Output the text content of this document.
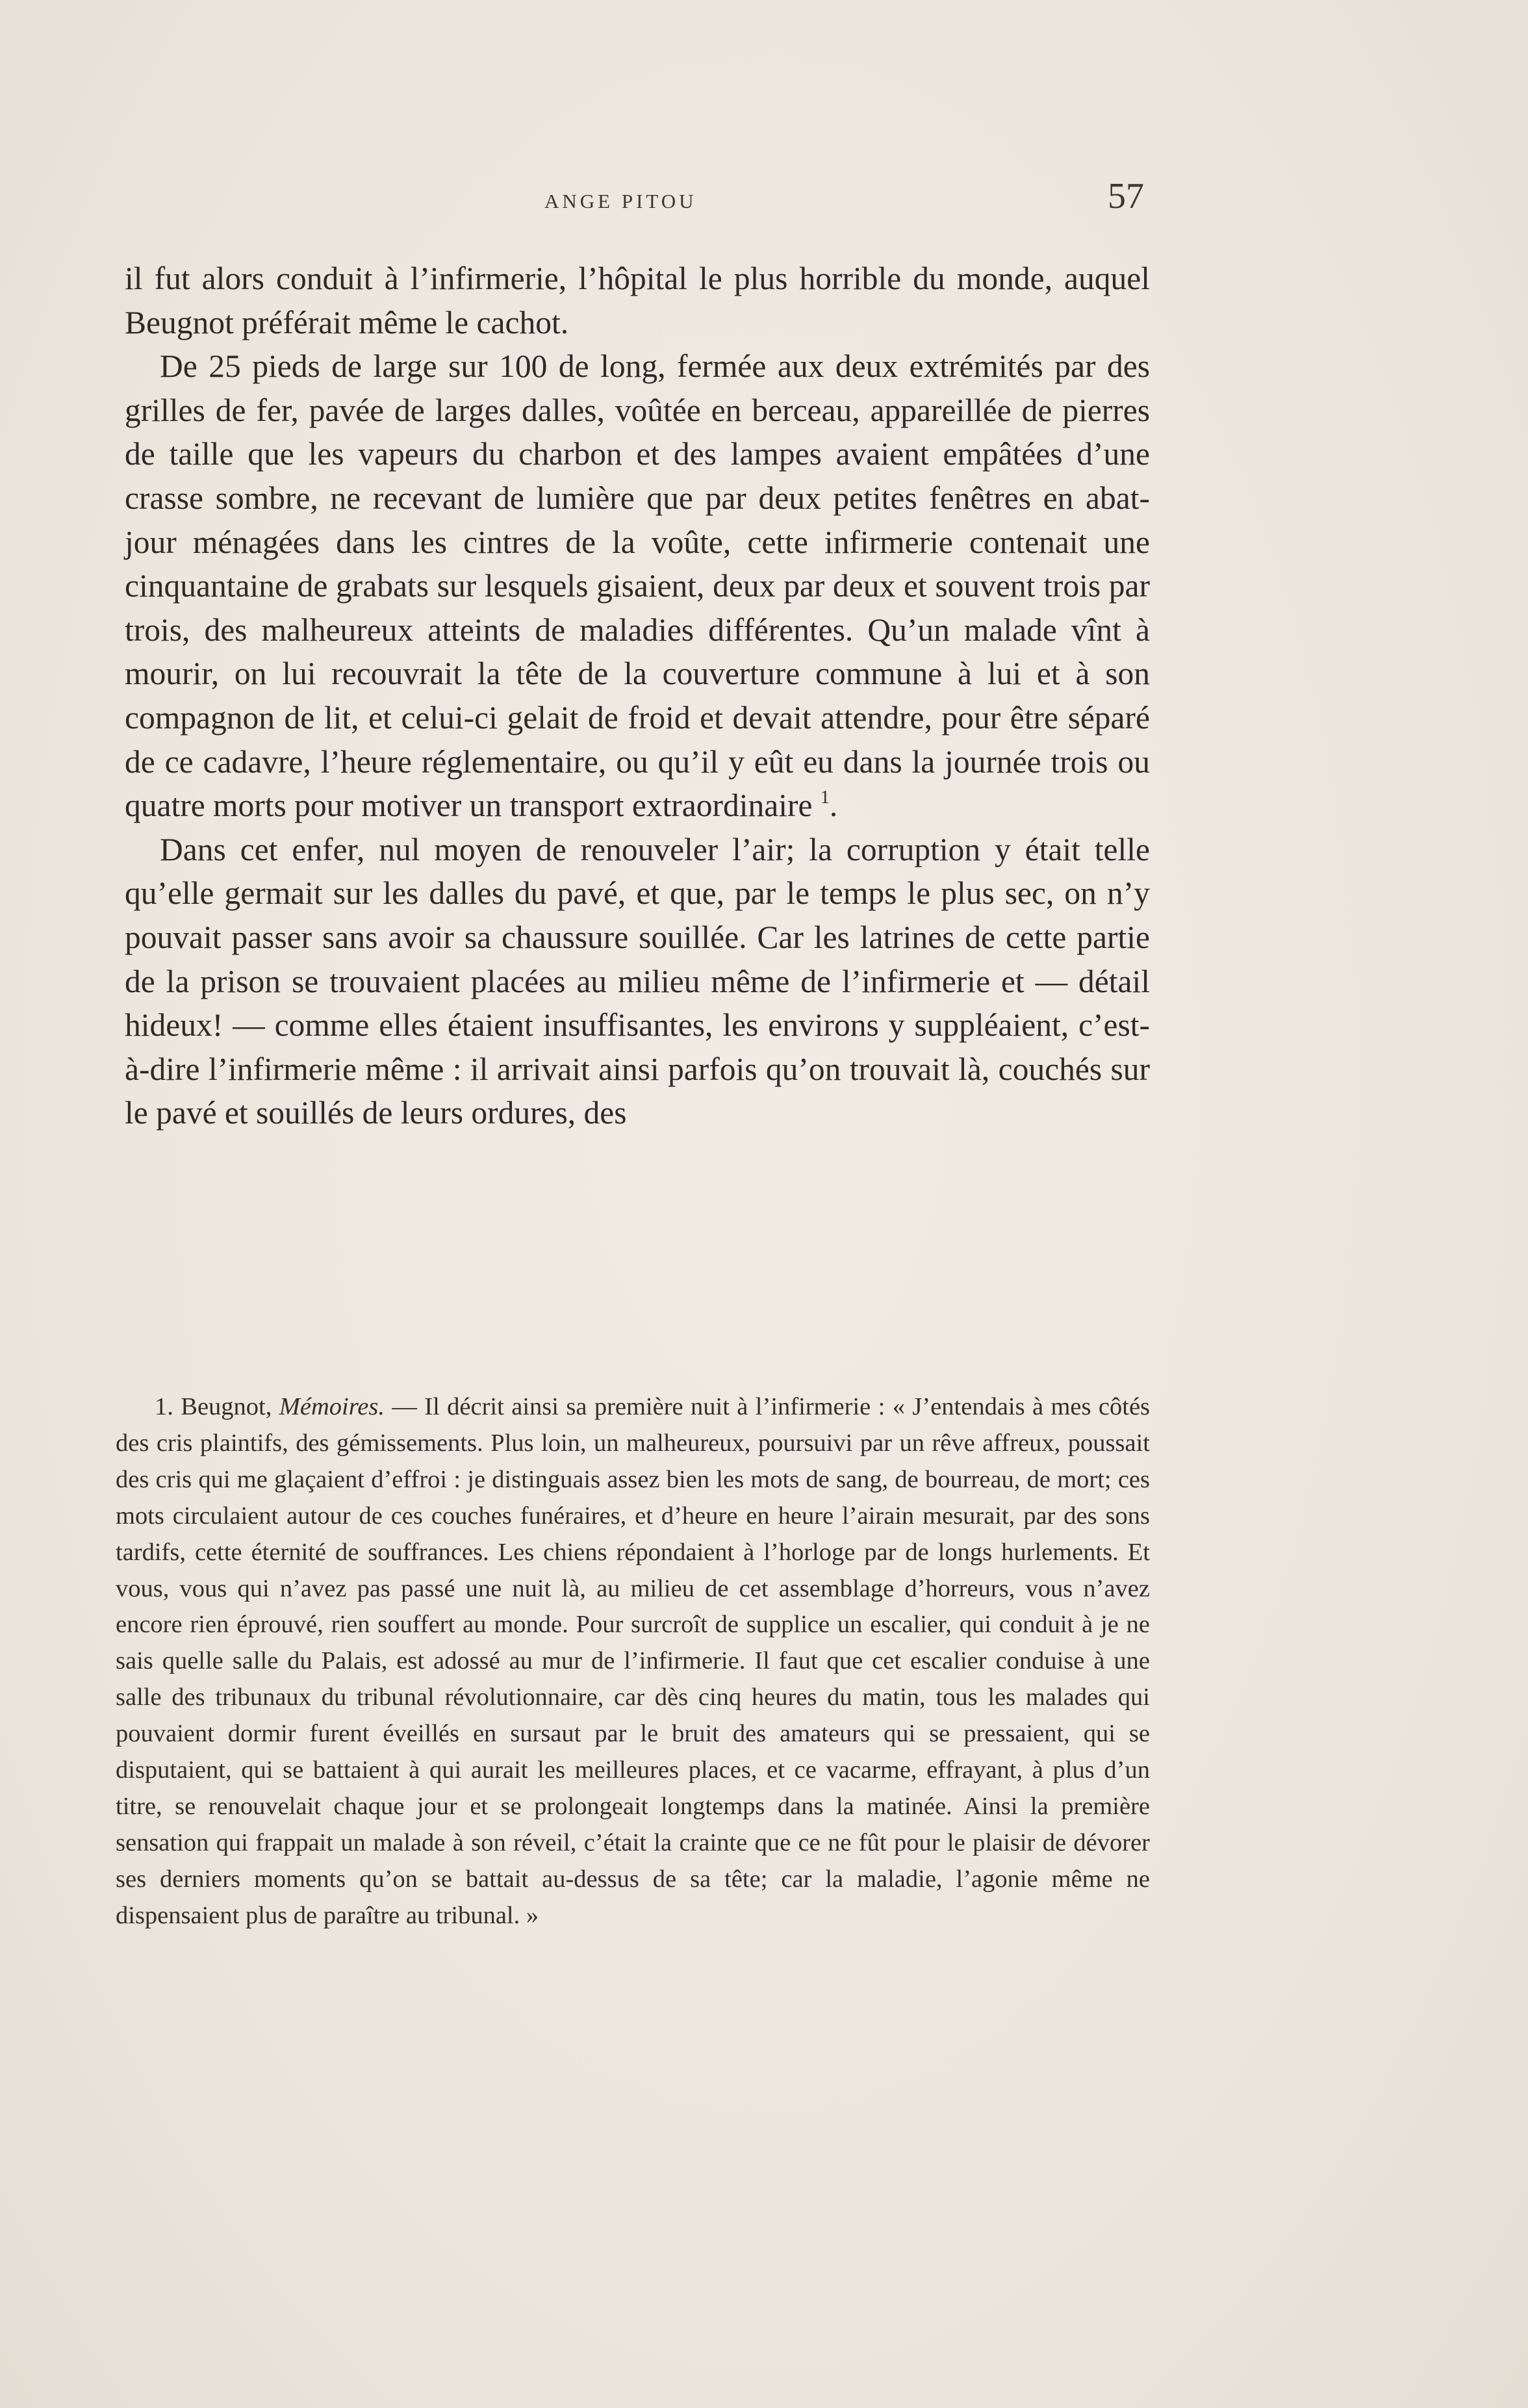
ANGE PITOU	57

il fut alors conduit à l’infirmerie, l’hôpital le plus horrible du monde, auquel Beugnot préférait même le cachot.

De 25 pieds de large sur 100 de long, fermée aux deux extrémités par des grilles de fer, pavée de larges dalles, voûtée en berceau, appareillée de pierres de taille que les vapeurs du charbon et des lampes avaient empâtées d’une crasse sombre, ne recevant de lumière que par deux petites fenêtres en abat-jour ménagées dans les cintres de la voûte, cette infirmerie contenait une cinquantaine de grabats sur lesquels gisaient, deux par deux et souvent trois par trois, des malheureux atteints de maladies différentes. Qu’un malade vînt à mourir, on lui recouvrait la tête de la couverture commune à lui et à son compagnon de lit, et celui-ci gelait de froid et devait attendre, pour être séparé de ce cadavre, l’heure réglementaire, ou qu’il y eût eu dans la journée trois ou quatre morts pour motiver un transport extraordinaire $^1$.

Dans cet enfer, nul moyen de renouveler l’air; la corruption y était telle qu’elle germait sur les dalles du pavé, et que, par le temps le plus sec, on n’y pouvait passer sans avoir sa chaussure souillée. Car les latrines de cette partie de la prison se trouvaient placées au milieu même de l’infirmerie et — détail hideux! — comme elles étaient insuffisantes, les environs y suppléaient, c’est-à-dire l’infirmerie même : il arrivait ainsi parfois qu’on trouvait là, couchés sur le pavé et souillés de leurs ordures, des

1. Beugnot, Mémoires. — Il décrit ainsi sa première nuit à l’infirmerie : « J’entendais à mes côtés des cris plaintifs, des gémissements. Plus loin, un malheureux, poursuivi par un rêve affreux, poussait des cris qui me glaçaient d’effroi : je distinguais assez bien les mots de sang, de bourreau, de mort; ces mots circulaient autour de ces couches funéraires, et d’heure en heure l’airain mesurait, par des sons tardifs, cette éternité de souffrances. Les chiens répondaient à l’horloge par de longs hurlements. Et vous, vous qui n’avez pas passé une nuit là, au milieu de cet assemblage d’horreurs, vous n’avez encore rien éprouvé, rien souffert au monde. Pour surcroît de supplice un escalier, qui conduit à je ne sais quelle salle du Palais, est adossé au mur de l’infirmerie. Il faut que cet escalier conduise à une salle des tribunaux du tribunal révolutionnaire, car dès cinq heures du matin, tous les malades qui pouvaient dormir furent éveillés en sursaut par le bruit des amateurs qui se pressaient, qui se disputaient, qui se battaient à qui aurait les meilleures places, et ce vacarme, effrayant, à plus d’un titre, se renouvelait chaque jour et se prolongeait longtemps dans la matinée. Ainsi la première sensation qui frappait un malade à son réveil, c’était la crainte que ce ne fût pour le plaisir de dévorer ses derniers moments qu’on se battait au-dessus de sa tête; car la maladie, l’agonie même ne dispensaient plus de paraître au tribunal. »
